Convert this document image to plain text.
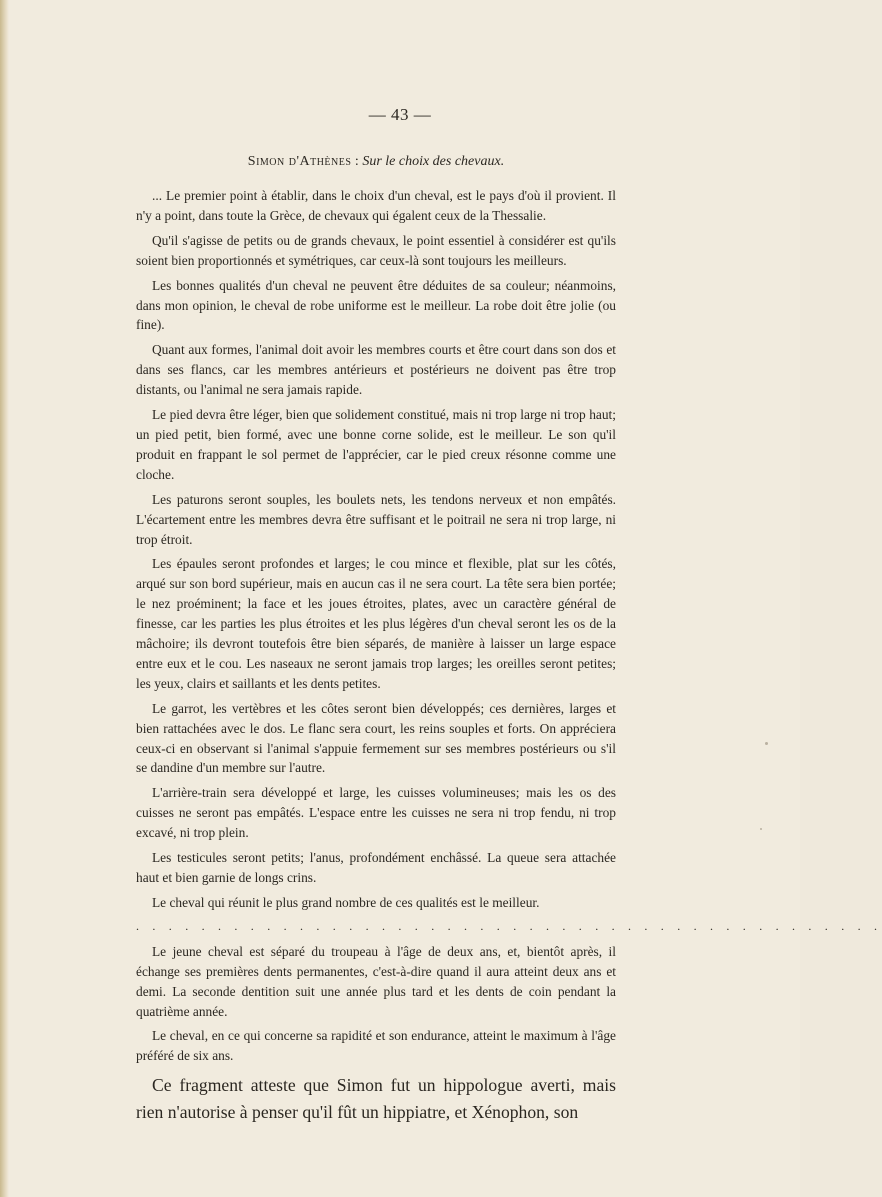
— 43 —
Simon d'Athènes : Sur le choix des chevaux.

... Le premier point à établir, dans le choix d'un cheval, est le pays d'où il provient. Il n'y a point, dans toute la Grèce, de chevaux qui égalent ceux de la Thessalie.

Qu'il s'agisse de petits ou de grands chevaux, le point essentiel à considérer est qu'ils soient bien proportionnés et symétriques, car ceux-là sont toujours les meilleurs.

Les bonnes qualités d'un cheval ne peuvent être déduites de sa couleur; néanmoins, dans mon opinion, le cheval de robe uniforme est le meilleur. La robe doit être jolie (ou fine).

Quant aux formes, l'animal doit avoir les membres courts et être court dans son dos et dans ses flancs, car les membres antérieurs et postérieurs ne doivent pas être trop distants, ou l'animal ne sera jamais rapide.

Le pied devra être léger, bien que solidement constitué, mais ni trop large ni trop haut; un pied petit, bien formé, avec une bonne corne solide, est le meilleur. Le son qu'il produit en frappant le sol permet de l'apprécier, car le pied creux résonne comme une cloche.

Les paturons seront souples, les boulets nets, les tendons nerveux et non empâtés. L'écartement entre les membres devra être suffisant et le poitrail ne sera ni trop large, ni trop étroit.

Les épaules seront profondes et larges; le cou mince et flexible, plat sur les côtés, arqué sur son bord supérieur, mais en aucun cas il ne sera court. La tête sera bien portée; le nez proéminent; la face et les joues étroites, plates, avec un caractère général de finesse, car les parties les plus étroites et les plus légères d'un cheval seront les os de la mâchoire; ils devront toutefois être bien séparés, de manière à laisser un large espace entre eux et le cou. Les naseaux ne seront jamais trop larges; les oreilles seront petites; les yeux, clairs et saillants et les dents petites.

Le garrot, les vertèbres et les côtes seront bien développés; ces dernières, larges et bien rattachées avec le dos. Le flanc sera court, les reins souples et forts. On appréciera ceux-ci en observant si l'animal s'appuie fermement sur ses membres postérieurs ou s'il se dandine d'un membre sur l'autre.

L'arrière-train sera développé et large, les cuisses volumineuses; mais les os des cuisses ne seront pas empâtés. L'espace entre les cuisses ne sera ni trop fendu, ni trop excavé, ni trop plein.

Les testicules seront petits; l'anus, profondément enchâssé. La queue sera attachée haut et bien garnie de longs crins.

Le cheval qui réunit le plus grand nombre de ces qualités est le meilleur.

. . . . . . . . . . . . . . . . . . . . . . . . . . . . . . . . . . . . . . . . . . . . . .

Le jeune cheval est séparé du troupeau à l'âge de deux ans, et, bientôt après, il échange ses premières dents permanentes, c'est-à-dire quand il aura atteint deux ans et demi. La seconde dentition suit une année plus tard et les dents de coin pendant la quatrième année.

Le cheval, en ce qui concerne sa rapidité et son endurance, atteint le maximum à l'âge préféré de six ans.

Ce fragment atteste que Simon fut un hippologue averti, mais rien n'autorise à penser qu'il fût un hippiatre, et Xénophon, son
